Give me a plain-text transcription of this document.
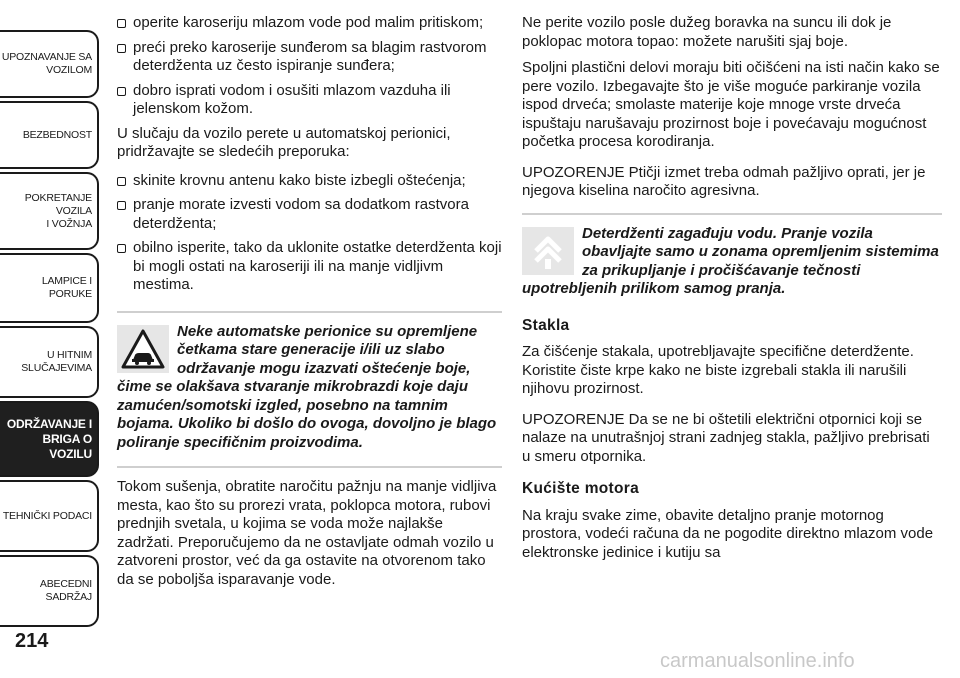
UPOZNAVANJE SA
VOZILOM
BEZBEDNOST
POKRETANJE VOZILA
I VOŽNJA
LAMPICE I PORUKE
U HITNIM
SLUČAJEVIMA
ODRŽAVANJE I
BRIGA O VOZILU
TEHNIČKI PODACI
ABECEDNI SADRŽAJ
214
operite karoseriju mlazom vode pod malim pritiskom;
preći preko karoserije sunđerom sa blagim rastvorom deterdženta uz često ispiranje sunđera;
dobro isprati vodom i osušiti mlazom vazduha ili jelenskom kožom.

U slučaju da vozilo perete u automatskoj perionici, pridržavajte se sledećih preporuka:

skinite krovnu antenu kako biste izbegli oštećenja;
pranje morate izvesti vodom sa dodatkom rastvora deterdženta;
obilno isperite, tako da uklonite ostatke deterdženta koji bi mogli ostati na karoseriji ili na manje vidljivm mestima.
Neke automatske perionice su opremljene četkama stare generacije i/ili uz slabo održavanje mogu izazvati oštećenje boje, čime se olakšava stvaranje mikrobrazdi koje daju zamućen/somotski izgled, posebno na tamnim bojama. Ukoliko bi došlo do ovoga, dovoljno je blago poliranje specifičnim proizvodima.

Tokom sušenja, obratite naročitu pažnju na manje vidljiva mesta, kao što su prorezi vrata, poklopca motora, rubovi prednjih svetala, u kojima se voda može najlakše zadržati. Preporučujemo da ne ostavljate odmah vozilo u zatvoreni prostor, već da ga ostavite na otvorenom tako da se poboljša isparavanje vode.

Ne perite vozilo posle dužeg boravka na suncu ili dok je poklopac motora topao: možete narušiti sjaj boje.

Spoljni plastični delovi moraju biti očišćeni na isti način kako se pere vozilo. Izbegavajte što je više moguće parkiranje vozila ispod drveća; smolaste materije koje mnoge vrste drveća ispuštaju narušavaju prozirnost boje i povećavaju mogućnost početka procesa korodiranja.

UPOZORENJE Ptičji izmet treba odmah pažljivo oprati, jer je njegova kiselina naročito agresivna.

Deterdženti zagađuju vodu. Pranje vozila obavljajte samo u zonama opremljenim sistemima za prikupljanje i pročišćavanje tečnosti upotrebljenih prilikom samog pranja.
Stakla

Za čišćenje stakala, upotrebljavajte specifične deterdžente. Koristite čiste krpe kako ne biste izgrebali stakla ili narušili njihovu prozirnost.

UPOZORENJE Da se ne bi oštetili električni otpornici koji se nalaze na unutrašnjoj strani zadnjeg stakla, pažljivo prebrisati u smeru otpornika.

Kućište motora

Na kraju svake zime, obavite detaljno pranje motornog prostora, vodeći računa da ne pogodite direktno mlazom vode elektronske jedinice i kutiju sa

carmanualsonline.info
